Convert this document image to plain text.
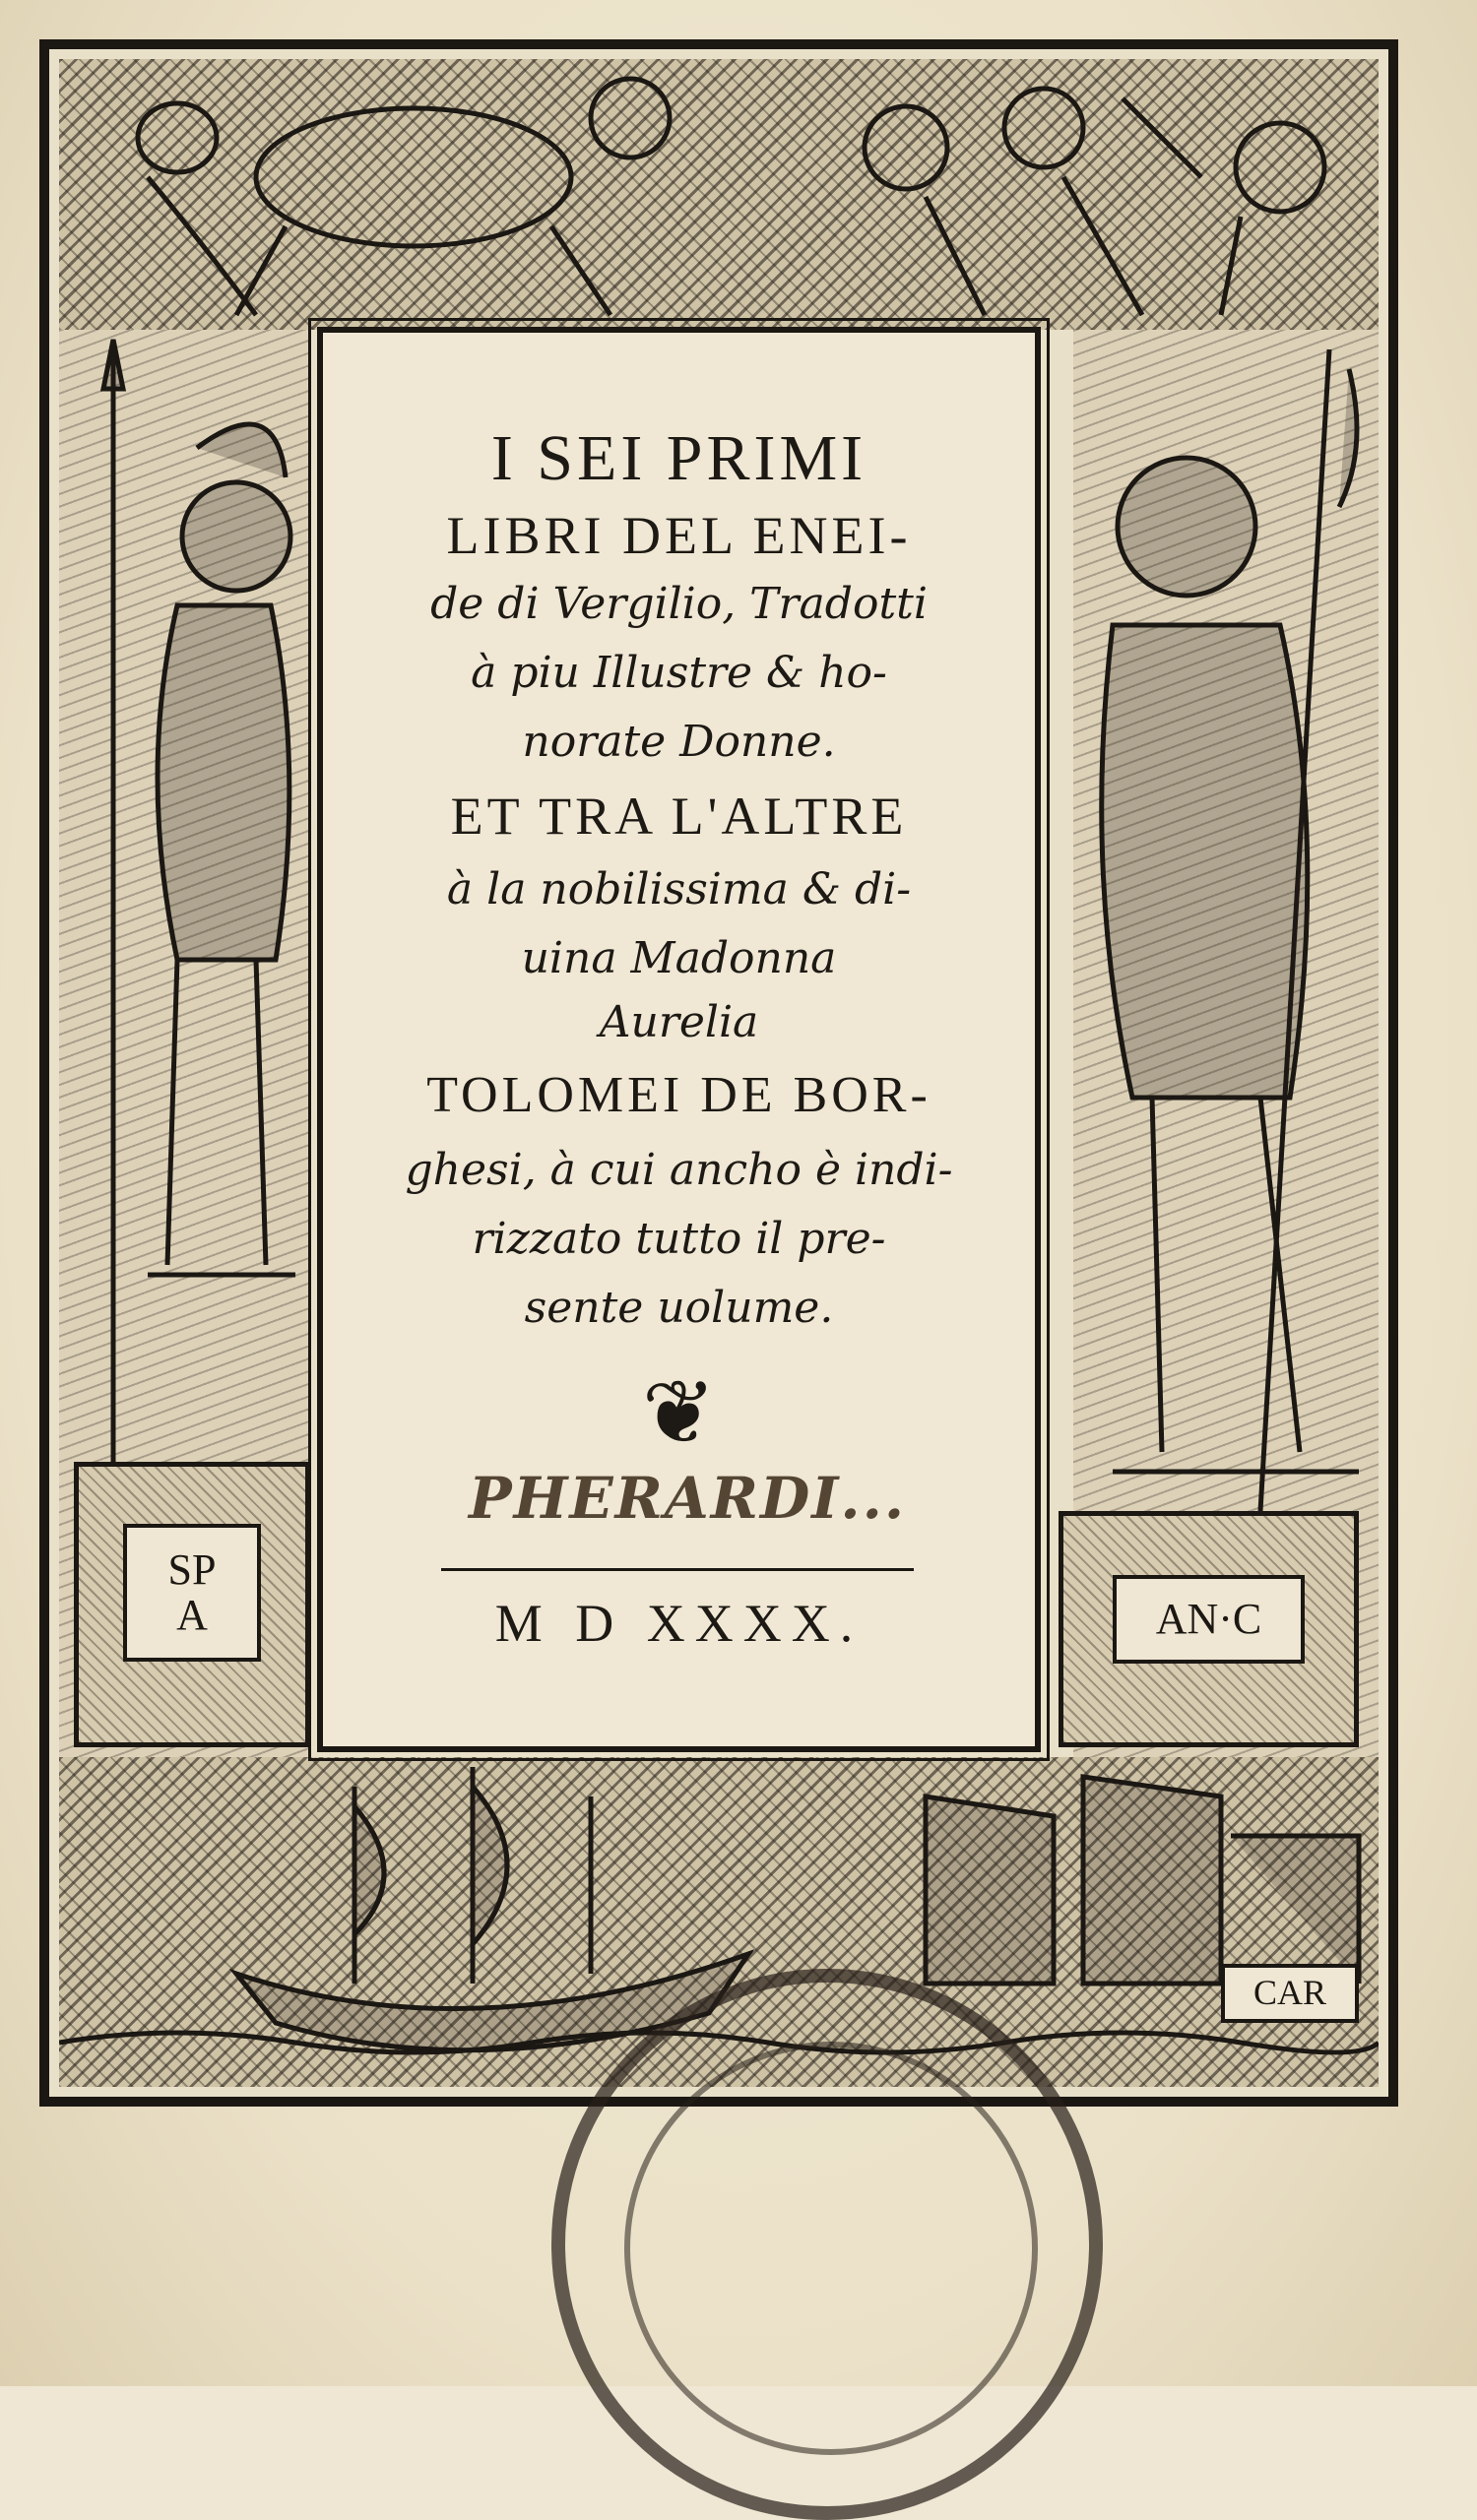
SP
A	AN·C
CAR
I SEI PRIMI
LIBRI DEL ENEI-
de di Vergilio, Tradotti
à piu Illustre & ho-
norate Donne.
ET TRA L'ALTRE
à la nobilissima & di-
uina Madonna
Aurelia
TOLOMEI DE BOR-
ghesi, à cui ancho è indi-
rizzato tutto il pre-
sente uolume.
❦
PHERARDI...
M D XXXX.
